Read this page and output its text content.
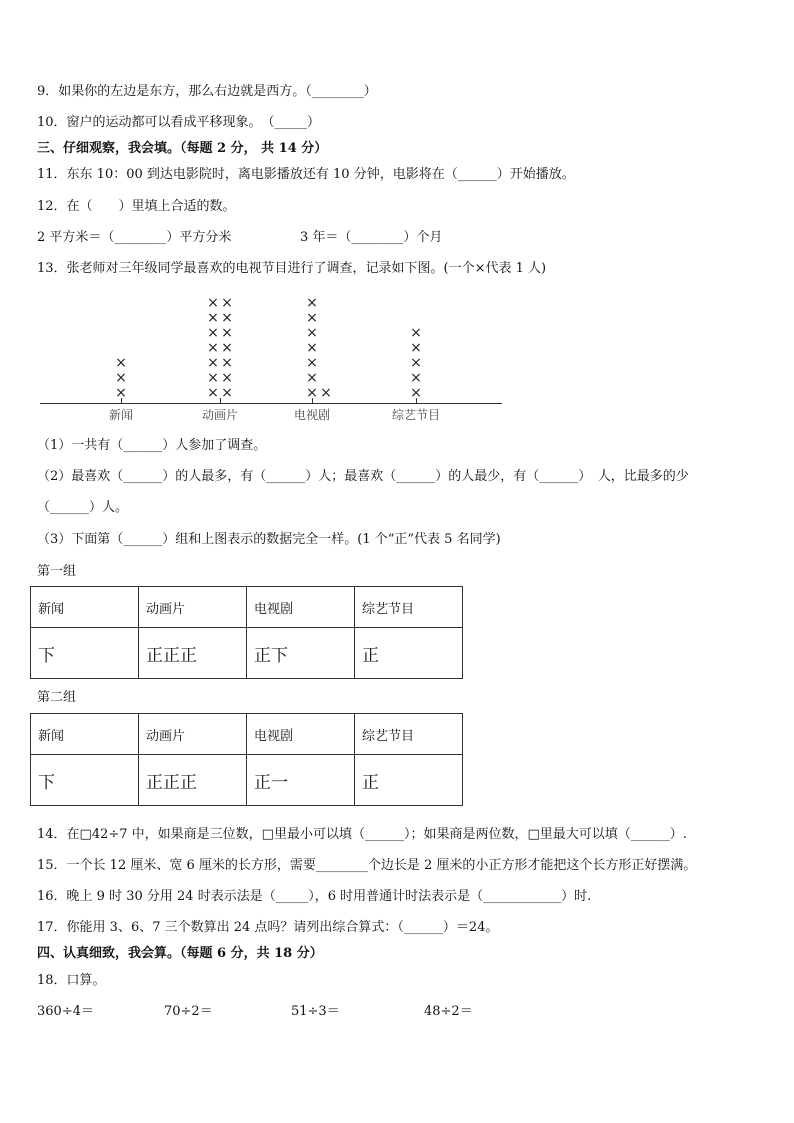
9．如果你的左边是东方，那么右边就是西方。（________）
10．窗户的运动都可以看成平移现象。　（_____）
三、仔细观察，我会填。（每题 2 分， 共 14 分）
11．东东 10：00 到达电影院时，离电影播放还有 10 分钟，电影将在（______）开始播放。
12．在（　　）里填上合适的数。
2 平方米＝（________）平方分米	3 年＝（________）个月
13．张老师对三年级同学最喜欢的电视节目进行了调查，记录如下图。(一个×代表 1 人)
×
×
×
新闻
× ×
× ×
× ×
× ×
× ×
× ×
× ×
动画片
×
×
×
×
×
×
×
×
电视剧
×
×
×
×
×
综艺节目
（1）一共有（______）人参加了调查。
（2）最喜欢（______）的人最多，有（______）人；最喜欢（______）的人最少，有（______）　人，比最多的少
（______）人。
（3）下面第（______）组和上图表示的数据完全一样。(1 个“正”代表 5 名同学)
第一组
新闻	动画片	电视剧	综艺节目
下	正正正	正下	正
第二组
新闻	动画片	电视剧	综艺节目
下	正正正	正一	正
14．在□42÷7 中，如果商是三位数，□里最小可以填（______）；如果商是两位数，□里最大可以填（______）.
15．一个长 12 厘米、宽 6 厘米的长方形，需要________个边长是 2 厘米的小正方形才能把这个长方形正好摆满。
16．晚上 9 时 30 分用 24 时表示法是（_____），6 时用普通计时法表示是（____________）时.
17．你能用 3、6、7 三个数算出 24 点吗？请列出综合算式：（______）＝24。
四、认真细致，我会算。（每题 6 分，共 18 分）
18．口算。
360÷4＝	70÷2＝	51÷3＝	48÷2＝
